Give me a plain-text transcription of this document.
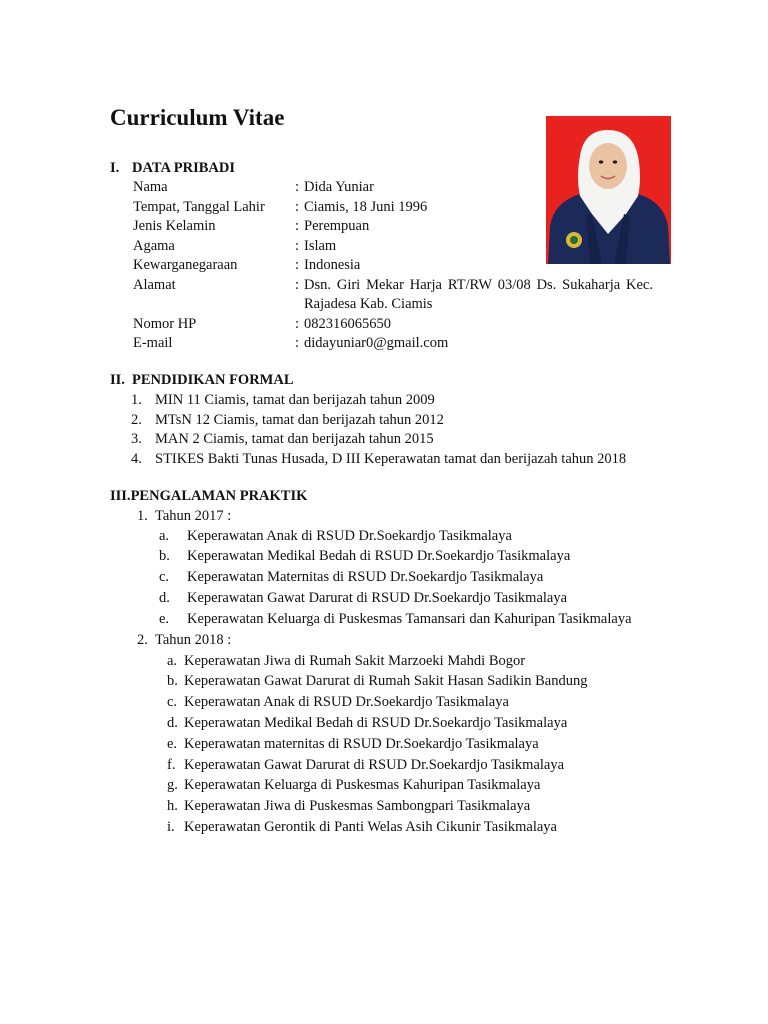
Curriculum Vitae
I. DATA PRIBADI
Nama	: Dida Yuniar
Tempat, Tanggal Lahir	: Ciamis, 18 Juni 1996
Jenis Kelamin	: Perempuan
Agama	: Islam
Kewarganegaraan	: Indonesia
Alamat	: Dsn. Giri Mekar Harja RT/RW 03/08 Ds. Sukaharja Kec. Rajadesa Kab. Ciamis
Nomor HP	: 082316065650
E-mail	: didayuniar0@gmail.com
II. PENDIDIKAN FORMAL
1. MIN 11 Ciamis, tamat dan berijazah tahun 2009
2. MTsN 12 Ciamis, tamat dan berijazah tahun 2012
3. MAN 2 Ciamis, tamat dan berijazah tahun 2015
4. STIKES Bakti Tunas Husada, D III Keperawatan tamat dan berijazah tahun 2018
III.PENGALAMAN PRAKTIK
1. Tahun 2017 :
a.	Keperawatan Anak di RSUD Dr.Soekardjo Tasikmalaya
b.	Keperawatan Medikal Bedah di RSUD Dr.Soekardjo Tasikmalaya
c.	Keperawatan Maternitas di RSUD Dr.Soekardjo Tasikmalaya
d.	Keperawatan Gawat Darurat di RSUD Dr.Soekardjo Tasikmalaya
e.	Keperawatan Keluarga di Puskesmas Tamansari dan Kahuripan Tasikmalaya
2. Tahun 2018 :
a. Keperawatan Jiwa di Rumah Sakit Marzoeki Mahdi Bogor
b. Keperawatan Gawat Darurat di Rumah Sakit Hasan Sadikin Bandung
c. Keperawatan Anak di RSUD Dr.Soekardjo Tasikmalaya
d. Keperawatan Medikal Bedah di RSUD Dr.Soekardjo Tasikmalaya
e. Keperawatan maternitas di RSUD Dr.Soekardjo Tasikmalaya
f. Keperawatan Gawat Darurat di RSUD Dr.Soekardjo Tasikmalaya
g. Keperawatan Keluarga di Puskesmas Kahuripan Tasikmalaya
h. Keperawatan Jiwa di Puskesmas Sambongpari Tasikmalaya
i. Keperawatan Gerontik di Panti Welas Asih Cikunir Tasikmalaya
